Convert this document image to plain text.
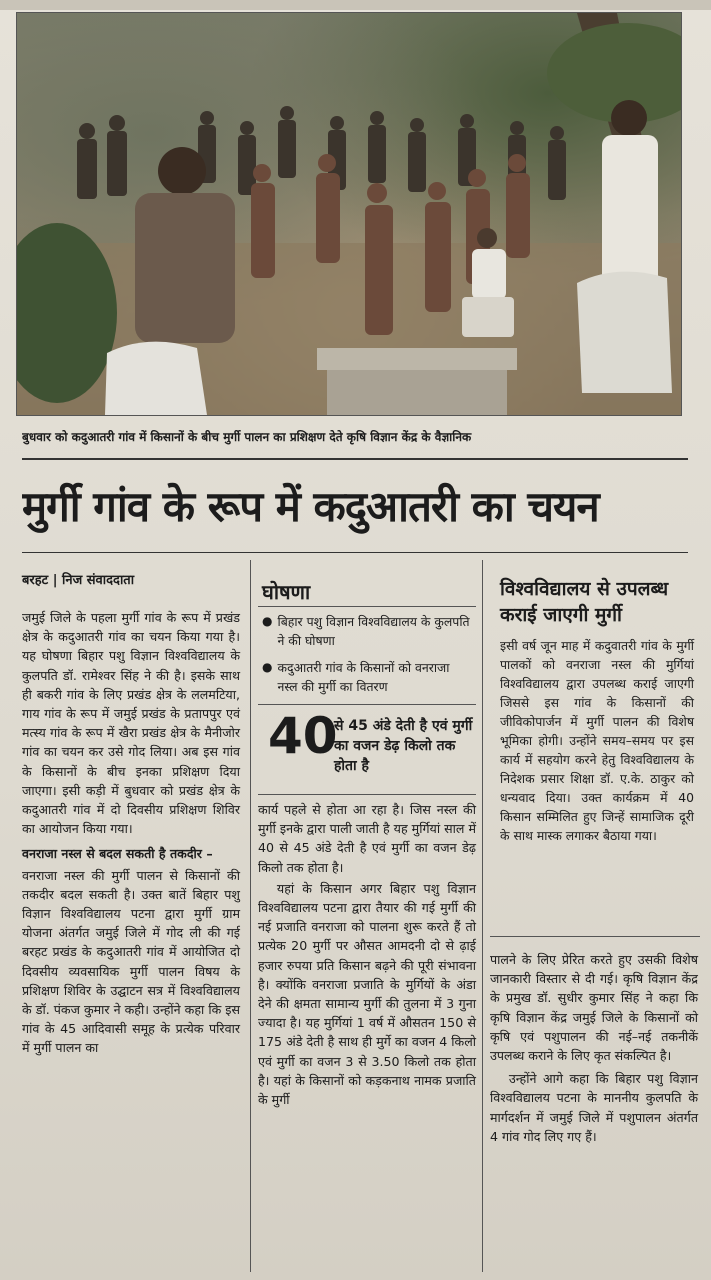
बुधवार को कदुआतरी गांव में किसानों के बीच मुर्गी पालन का प्रशिक्षण देते कृषि विज्ञान केंद्र के वैज्ञानिक
मुर्गी गांव के रूप में कदुआतरी का चयन
बरहट | निज संवाददाता

जमुई जिले के पहला मुर्गी गांव के रूप में प्रखंड क्षेत्र के कदुआतरी गांव का चयन किया गया है। यह घोषणा बिहार पशु विज्ञान विश्वविद्यालय के कुलपति डॉ. रामेश्वर सिंह ने की है। इसके साथ ही बकरी गांव के लिए प्रखंड क्षेत्र के ललमटिया, गाय गांव के रूप में जमुई प्रखंड के प्रतापपुर एवं मत्स्य गांव के रूप में खैरा प्रखंड क्षेत्र के मैनीजोर गांव का चयन कर उसे गोद लिया। अब इस गांव के किसानों के बीच इनका प्रशिक्षण दिया जाएगा। इसी कड़ी में बुधवार को प्रखंड क्षेत्र के कदुआतरी गांव में दो दिवसीय प्रशिक्षण शिविर का आयोजन किया गया।

वनराजा नस्ल से बदल सकती है तकदीर –

वनराजा नस्ल की मुर्गी पालन से किसानों की तकदीर बदल सकती है। उक्त बातें बिहार पशु विज्ञान विश्वविद्यालय पटना द्वारा मुर्गी ग्राम योजना अंतर्गत जमुई जिले में गोद ली की गई बरहट प्रखंड के कदुआतरी गांव में आयोजित दो दिवसीय व्यवसायिक मुर्गी पालन विषय के प्रशिक्षण शिविर के उद्घाटन सत्र में विश्वविद्यालय के डॉ. पंकज कुमार ने कही। उन्होंने कहा कि इस गांव के 45 आदिवासी समूह के प्रत्येक परिवार में मुर्गी पालन का

घोषणा
● बिहार पशु विज्ञान विश्वविद्यालय के कुलपति ने की घोषणा
● कदुआतरी गांव के किसानों को वनराजा नस्ल की मुर्गी का वितरण
40
से 45 अंडे देती है एवं मुर्गी का वजन डेढ़ किलो तक होता है

कार्य पहले से होता आ रहा है। जिस नस्ल की मुर्गी इनके द्वारा पाली जाती है यह मुर्गियां साल में 40 से 45 अंडे देती है एवं मुर्गी का वजन डेढ़ किलो तक होता है।

यहां के किसान अगर बिहार पशु विज्ञान विश्वविद्यालय पटना द्वारा तैयार की गई मुर्गी की नई प्रजाति वनराजा को पालना शुरू करते हैं तो प्रत्येक 20 मुर्गी पर औसत आमदनी दो से ढ़ाई हजार रुपया प्रति किसान बढ़ने की पूरी संभावना है। क्योंकि वनराजा प्रजाति के मुर्गियों के अंडा देने की क्षमता सामान्य मुर्गी की तुलना में 3 गुना ज्यादा है। यह मुर्गियां 1 वर्ष में औसतन 150 से 175 अंडे देती है साथ ही मुर्गे का वजन 4 किलो एवं मुर्गी का वजन 3 से 3.50 किलो तक होता है। यहां के किसानों को कड़कनाथ नामक प्रजाति के मुर्गी

विश्वविद्यालय से उपलब्ध कराई जाएगी मुर्गी

इसी वर्ष जून माह में कदुवातरी गांव के मुर्गी पालकों को वनराजा नस्ल की मुर्गियां विश्वविद्यालय द्वारा उपलब्ध कराई जाएगी जिससे इस गांव के किसानों की जीविकोपार्जन में मुर्गी पालन की विशेष भूमिका होगी। उन्होंने समय–समय पर इस कार्य में सहयोग करने हेतु विश्वविद्यालय के निदेशक प्रसार शिक्षा डॉ. ए.के. ठाकुर को धन्यवाद दिया। उक्त कार्यक्रम में 40 किसान सम्मिलित हुए जिन्हें सामाजिक दूरी के साथ मास्क लगाकर बैठाया गया।

पालने के लिए प्रेरित करते हुए उसकी विशेष जानकारी विस्तार से दी गई। कृषि विज्ञान केंद्र के प्रमुख डॉ. सुधीर कुमार सिंह ने कहा कि कृषि विज्ञान केंद्र जमुई जिले के किसानों को कृषि एवं पशुपालन की नई–नई तकनीकें उपलब्ध कराने के लिए कृत संकल्पित है।

उन्होंने आगे कहा कि बिहार पशु विज्ञान विश्वविद्यालय पटना के माननीय कुलपति के मार्गदर्शन में जमुई जिले में पशुपालन अंतर्गत 4 गांव गोद लिए गए हैं।
